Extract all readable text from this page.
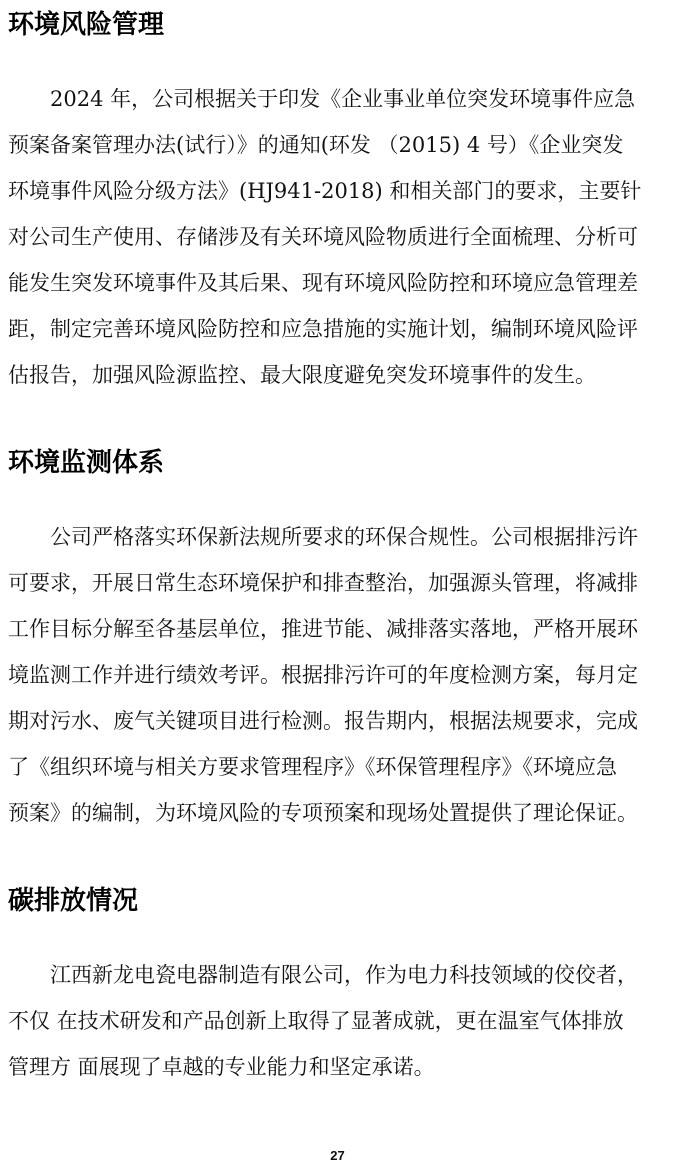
环境风险管理
　　2024 年，公司根据关于印发《企业事业单位突发环境事件应急
预案备案管理办法(试行）》的通知(环发 （2015) 4 号）《企业突发
环境事件风险分级方法》(HJ941-2018) 和相关部门的要求，主要针
对公司生产使用、存储涉及有关环境风险物质进行全面梳理、分析可
能发生突发环境事件及其后果、现有环境风险防控和环境应急管理差
距，制定完善环境风险防控和应急措施的实施计划，编制环境风险评
估报告，加强风险源监控、最大限度避免突发环境事件的发生。
环境监测体系
　　公司严格落实环保新法规所要求的环保合规性。公司根据排污许
可要求，开展日常生态环境保护和排查整治，加强源头管理，将减排
工作目标分解至各基层单位，推进节能、减排落实落地，严格开展环
境监测工作并进行绩效考评。根据排污许可的年度检测方案，每月定
期对污水、废气关键项目进行检测。报告期内，根据法规要求，完成
了《组织环境与相关方要求管理程序》《环保管理程序》《环境应急
预案》的编制，为环境风险的专项预案和现场处置提供了理论保证。
碳排放情况
　　江西新龙电瓷电器制造有限公司，作为电力科技领域的佼佼者，
不仅 在技术研发和产品创新上取得了显著成就，更在温室气体排放
管理方 面展现了卓越的专业能力和坚定承诺。
27
